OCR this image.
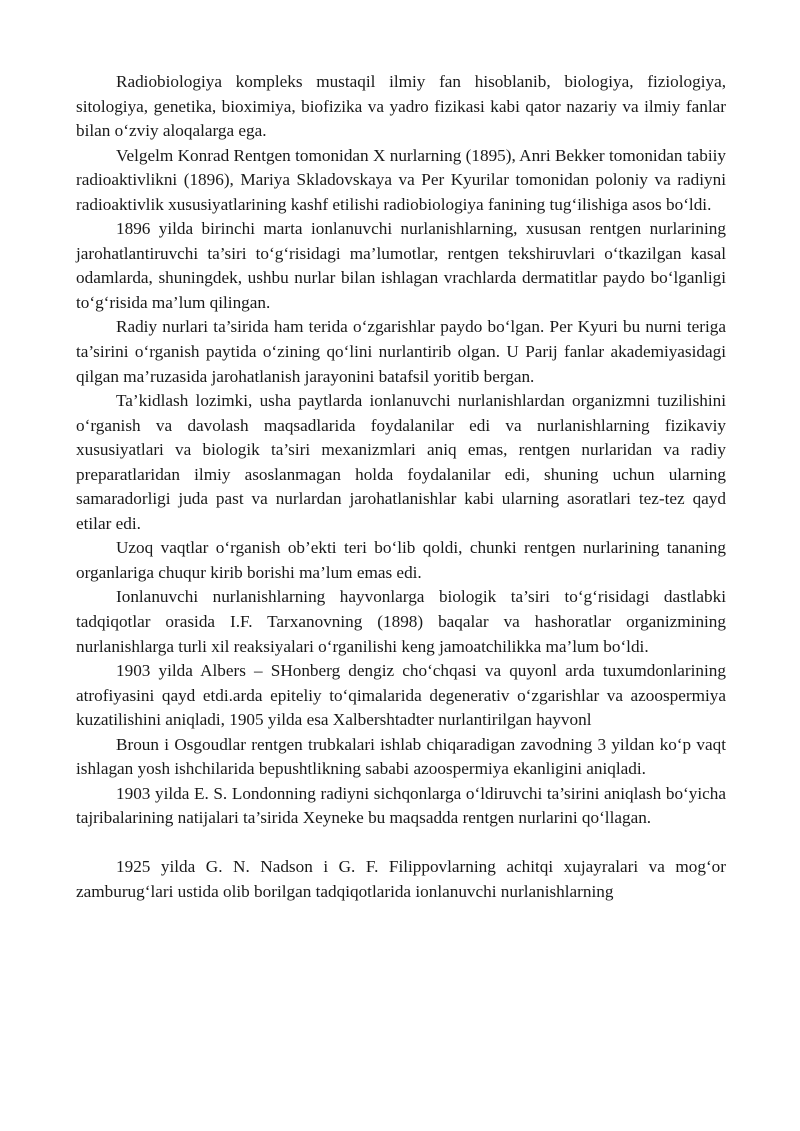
Radiobiologiya kompleks mustaqil ilmiy fan hisoblanib, biologiya, fiziologiya, sitologiya, genetika, bioximiya, biofizika va yadro fizikasi kabi qator nazariy va ilmiy fanlar bilan o‘zviy aloqalarga ega.

Velgelm Konrad Rentgen tomonidan X nurlarning (1895), Anri Bekker tomonidan tabiiy radioaktivlikni (1896), Mariya Skladovskaya va Per Kyurilar tomonidan poloniy va radiyni radioaktivlik xususiyatlarining kashf etilishi radiobiologiya fanining tug‘ilishiga asos bo‘ldi.

1896 yilda birinchi marta ionlanuvchi nurlanishlarning, xususan rentgen nurlarining jarohatlantiruvchi ta’siri to‘g‘risidagi ma’lumotlar, rentgen tekshiruvlari o‘tkazilgan kasal odamlarda, shuningdek, ushbu nurlar bilan ishlagan vrachlarda dermatitlar paydo bo‘lganligi to‘g‘risida ma’lum qilingan.

Radiy nurlari ta’sirida ham terida o‘zgarishlar paydo bo‘lgan. Per Kyuri bu nurni teriga ta’sirini o‘rganish paytida o‘zining qo‘lini nurlantirib olgan. U Parij fanlar akademiyasidagi qilgan ma’ruzasida jarohatlanish jarayonini batafsil yoritib bergan.

Ta’kidlash lozimki, usha paytlarda ionlanuvchi nurlanishlardan organizmni tuzilishini o‘rganish va davolash maqsadlarida foydalanilar edi va nurlanishlarning fizikaviy xususiyatlari va biologik ta’siri mexanizmlari aniq emas, rentgen nurlaridan va radiy preparatlaridan ilmiy asoslanmagan holda foydalanilar edi, shuning uchun ularning samaradorligi juda past va nurlardan jarohatlanishlar kabi ularning asoratlari tez-tez qayd etilar edi.

Uzoq vaqtlar o‘rganish ob’ekti teri bo‘lib qoldi, chunki rentgen nurlarining tananing organlariga chuqur kirib borishi ma’lum emas edi.

Ionlanuvchi nurlanishlarning hayvonlarga biologik ta’siri to‘g‘risidagi dastlabki tadqiqotlar orasida I.F. Tarxanovning (1898) baqalar va hashoratlar organizmining nurlanishlarga turli xil reaksiyalari o‘rganilishi keng jamoatchilikka ma’lum bo‘ldi.

1903 yilda Albers – SHonberg dengiz cho‘chqasi va quyonl arda tuxumdonlarining atrofiyasini qayd etdi.arda epiteliy to‘qimalarida degenerativ o‘zgarishlar va azoospermiya kuzatilishini aniqladi, 1905 yilda esa Xalbershtadter nurlantirilgan hayvonl

Broun i Osgoudlar rentgen trubkalari ishlab chiqaradigan zavodning 3 yildan ko‘p vaqt ishlagan yosh ishchilarida bepushtlikning sababi azoospermiya ekanligini aniqladi.

1903 yilda E. S. Londonning radiyni sichqonlarga o‘ldiruvchi ta’sirini aniqlash bo‘yicha tajribalarining natijalari ta’sirida Xeyneke bu maqsadda rentgen nurlarini qo‘llagan.

1925 yilda G. N. Nadson i G. F. Filippovlarning achitqi xujayralari va mog‘or zamburug‘lari ustida olib borilgan tadqiqotlarida ionlanuvchi nurlanishlarning
